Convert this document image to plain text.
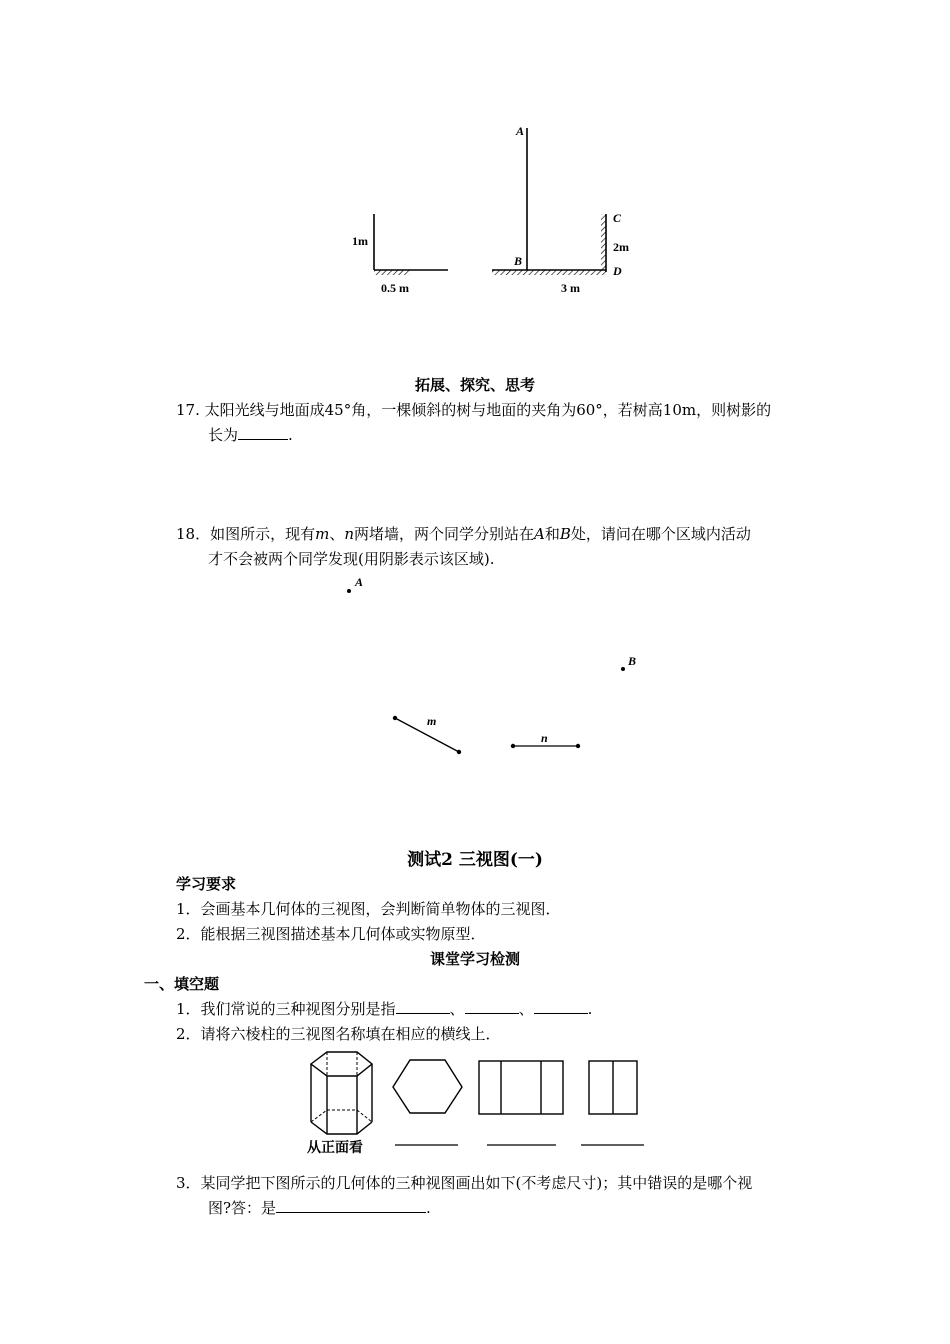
A
B
C
D
1m
0.5 m
2m
3 m
拓展、探究、思考
17. 太阳光线与地面成45°角，一棵倾斜的树与地面的夹角为60°，若树高10m，则树影的
长为	.
18．如图所示，现有m、n两堵墙，两个同学分别站在A和B处，请问在哪个区域内活动
才不会被两个同学发现(用阴影表示该区域).
A
B
m
n
测试2 三视图(一)
学习要求
1．会画基本几何体的三视图，会判断简单物体的三视图．
2．能根据三视图描述基本几何体或实物原型．
课堂学习检测
一、填空题
1．我们常说的三种视图分别是指	、	、	.
2．请将六棱柱的三视图名称填在相应的横线上．
从正面看
3．某同学把下图所示的几何体的三种视图画出如下(不考虑尺寸)；其中错误的是哪个视
图?答：是	.
